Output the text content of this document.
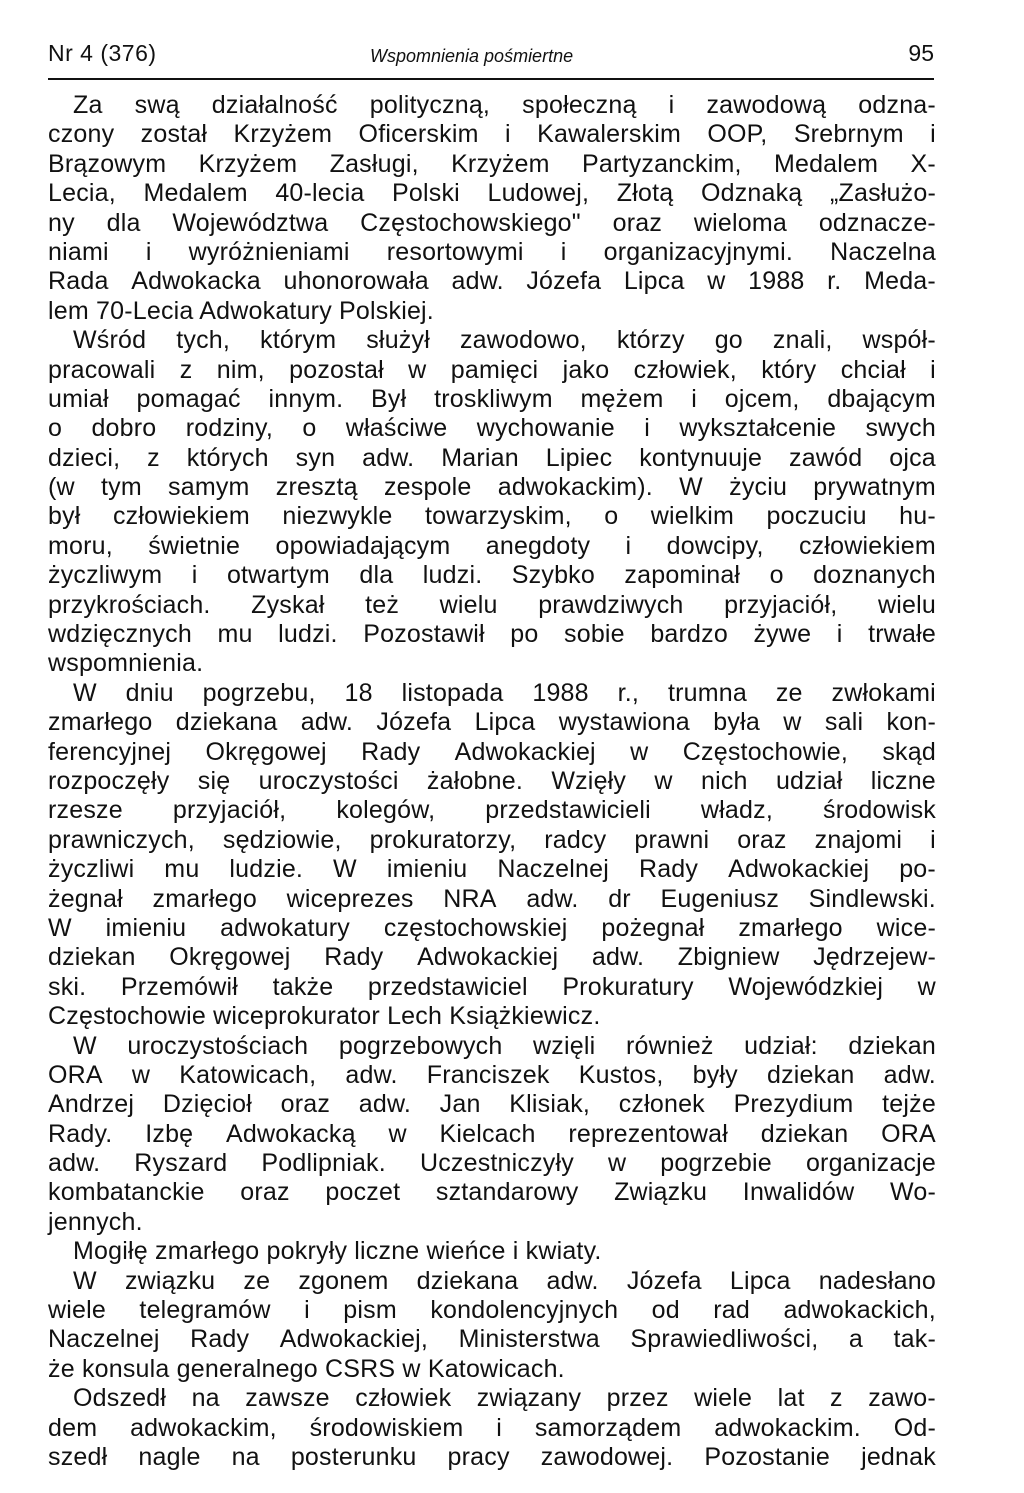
Nr 4 (376)	Wspomnienia pośmiertne	95
Za swą działalność polityczną, społeczną i zawodową odzna-
czony został Krzyżem Oficerskim i Kawalerskim OOP, Srebrnym i
Brązowym Krzyżem Zasługi, Krzyżem Partyzanckim, Medalem X-
Lecia, Medalem 40-lecia Polski Ludowej, Złotą Odznaką „Zasłużo-
ny dla Województwa Częstochowskiego" oraz wieloma odznacze-
niami i wyróżnieniami resortowymi i organizacyjnymi. Naczelna
Rada Adwokacka uhonorowała adw. Józefa Lipca w 1988 r. Meda-
lem 70-Lecia Adwokatury Polskiej.
Wśród tych, którym służył zawodowo, którzy go znali, współ-
pracowali z nim, pozostał w pamięci jako człowiek, który chciał i
umiał pomagać innym. Był troskliwym mężem i ojcem, dbającym
o dobro rodziny, o właściwe wychowanie i wykształcenie swych
dzieci, z których syn adw. Marian Lipiec kontynuuje zawód ojca
(w tym samym zresztą zespole adwokackim). W życiu prywatnym
był człowiekiem niezwykle towarzyskim, o wielkim poczuciu hu-
moru, świetnie opowiadającym anegdoty i dowcipy, człowiekiem
życzliwym i otwartym dla ludzi. Szybko zapominał o doznanych
przykrościach. Zyskał też wielu prawdziwych przyjaciół, wielu
wdzięcznych mu ludzi. Pozostawił po sobie bardzo żywe i trwałe
wspomnienia.
W dniu pogrzebu, 18 listopada 1988 r., trumna ze zwłokami
zmarłego dziekana adw. Józefa Lipca wystawiona była w sali kon-
ferencyjnej Okręgowej Rady Adwokackiej w Częstochowie, skąd
rozpoczęły się uroczystości żałobne. Wzięły w nich udział liczne
rzesze przyjaciół, kolegów, przedstawicieli władz, środowisk
prawniczych, sędziowie, prokuratorzy, radcy prawni oraz znajomi i
życzliwi mu ludzie. W imieniu Naczelnej Rady Adwokackiej po-
żegnał zmarłego wiceprezes NRA adw. dr Eugeniusz Sindlewski.
W imieniu adwokatury częstochowskiej pożegnał zmarłego wice-
dziekan Okręgowej Rady Adwokackiej adw. Zbigniew Jędrzejew-
ski. Przemówił także przedstawiciel Prokuratury Wojewódzkiej w
Częstochowie wiceprokurator Lech Książkiewicz.
W uroczystościach pogrzebowych wzięli również udział: dziekan
ORA w Katowicach, adw. Franciszek Kustos, były dziekan adw.
Andrzej Dzięcioł oraz adw. Jan Klisiak, członek Prezydium tejże
Rady. Izbę Adwokacką w Kielcach reprezentował dziekan ORA
adw. Ryszard Podlipniak. Uczestniczyły w pogrzebie organizacje
kombatanckie oraz poczet sztandarowy Związku Inwalidów Wo-
jennych.
Mogiłę zmarłego pokryły liczne wieńce i kwiaty.
W związku ze zgonem dziekana adw. Józefa Lipca nadesłano
wiele telegramów i pism kondolencyjnych od rad adwokackich,
Naczelnej Rady Adwokackiej, Ministerstwa Sprawiedliwości, a tak-
że konsula generalnego CSRS w Katowicach.
Odszedł na zawsze człowiek związany przez wiele lat z zawo-
dem adwokackim, środowiskiem i samorządem adwokackim. Od-
szedł nagle na posterunku pracy zawodowej. Pozostanie jednak
